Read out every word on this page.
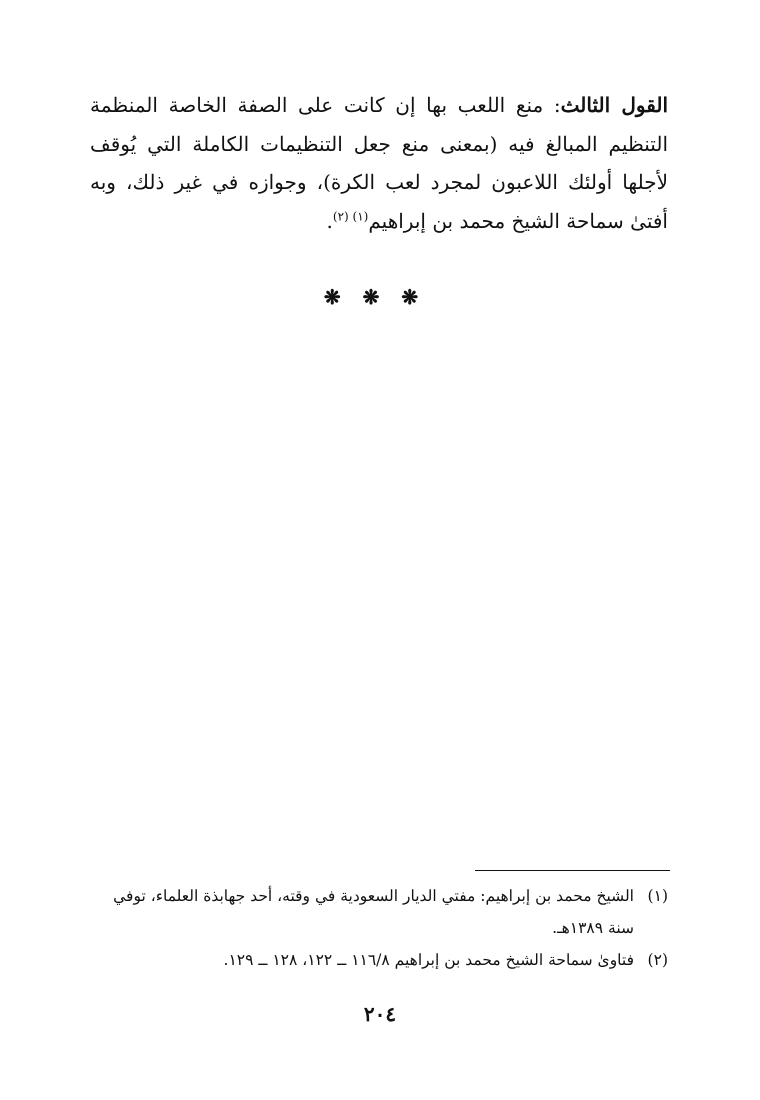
القول الثالث: منع اللعب بها إن كانت على الصفة الخاصة المنظمة التنظيم المبالغ فيه (بمعنى منع جعل التنظيمات الكاملة التي يُوقف لأجلها أولئك اللاعبون لمجرد لعب الكرة)، وجوازه في غير ذلك، وبه أفتىٰ سماحة الشيخ محمد بن إبراهيم$^{(١) (٢)}$.

❋ ❋ ❋
(١)
الشيخ محمد بن إبراهيم: مفتي الديار السعودية في وقته، أحد جهابذة العلماء، توفي سنة ١٣٨٩هـ.
(٢)
فتاوىٰ سماحة الشيخ محمد بن إبراهيم ١١٦/٨ ــ ١٢٢، ١٢٨ ــ ١٢٩.
٢٠٤
